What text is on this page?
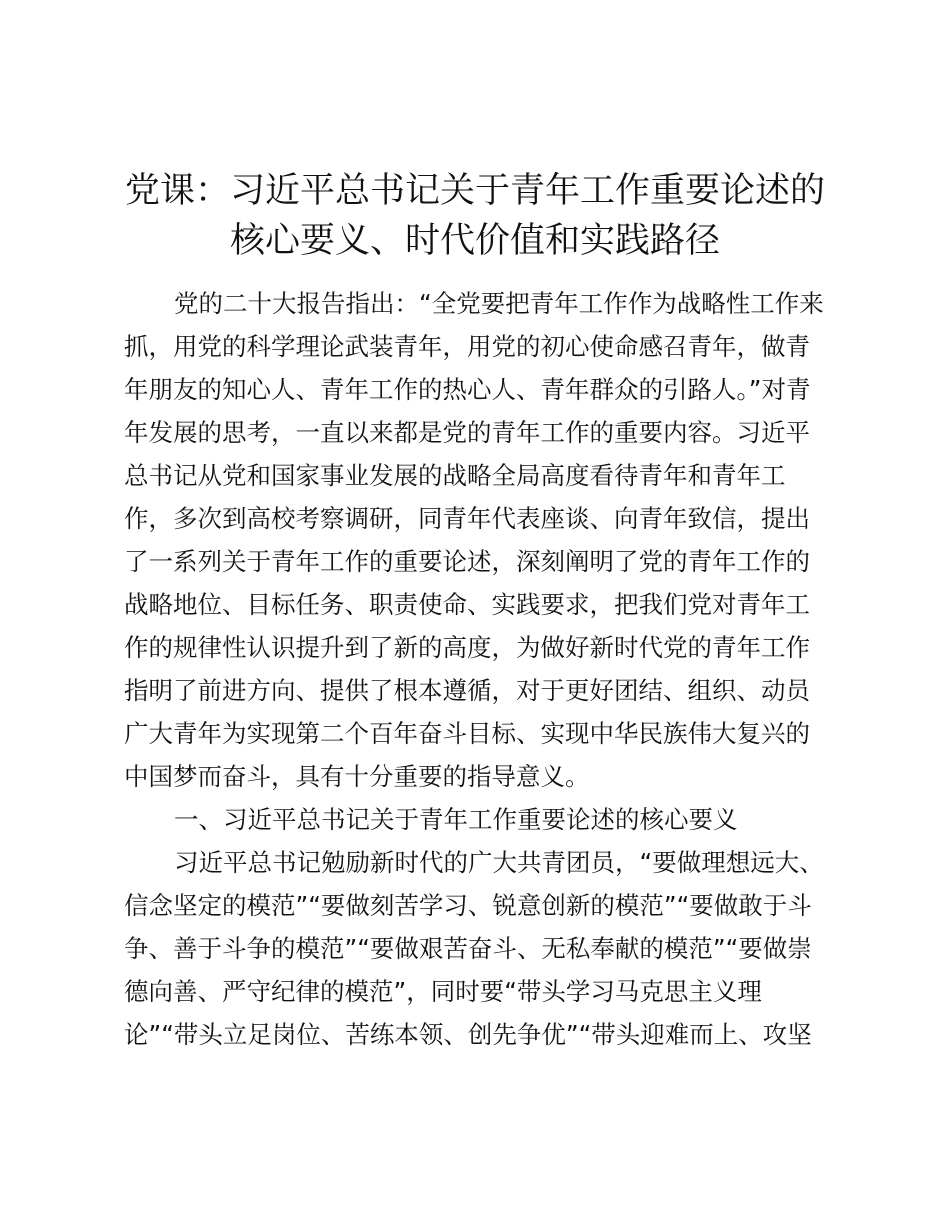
党课：习近平总书记关于青年工作重要论述的
核心要义、时代价值和实践路径
党的二十大报告指出：“全党要把青年工作作为战略性工作来
抓，用党的科学理论武装青年，用党的初心使命感召青年，做青
年朋友的知心人、青年工作的热心人、青年群众的引路人。”对青
年发展的思考，一直以来都是党的青年工作的重要内容。习近平
总书记从党和国家事业发展的战略全局高度看待青年和青年工
作，多次到高校考察调研，同青年代表座谈、向青年致信，提出
了一系列关于青年工作的重要论述，深刻阐明了党的青年工作的
战略地位、目标任务、职责使命、实践要求，把我们党对青年工
作的规律性认识提升到了新的高度，为做好新时代党的青年工作
指明了前进方向、提供了根本遵循，对于更好团结、组织、动员
广大青年为实现第二个百年奋斗目标、实现中华民族伟大复兴的
中国梦而奋斗，具有十分重要的指导意义。
一、习近平总书记关于青年工作重要论述的核心要义
习近平总书记勉励新时代的广大共青团员，“要做理想远大、
信念坚定的模范”“要做刻苦学习、锐意创新的模范”“要做敢于斗
争、善于斗争的模范”“要做艰苦奋斗、无私奉献的模范”“要做崇
德向善、严守纪律的模范”，同时要“带头学习马克思主义理
论”“带头立足岗位、苦练本领、创先争优”“带头迎难而上、攻坚
